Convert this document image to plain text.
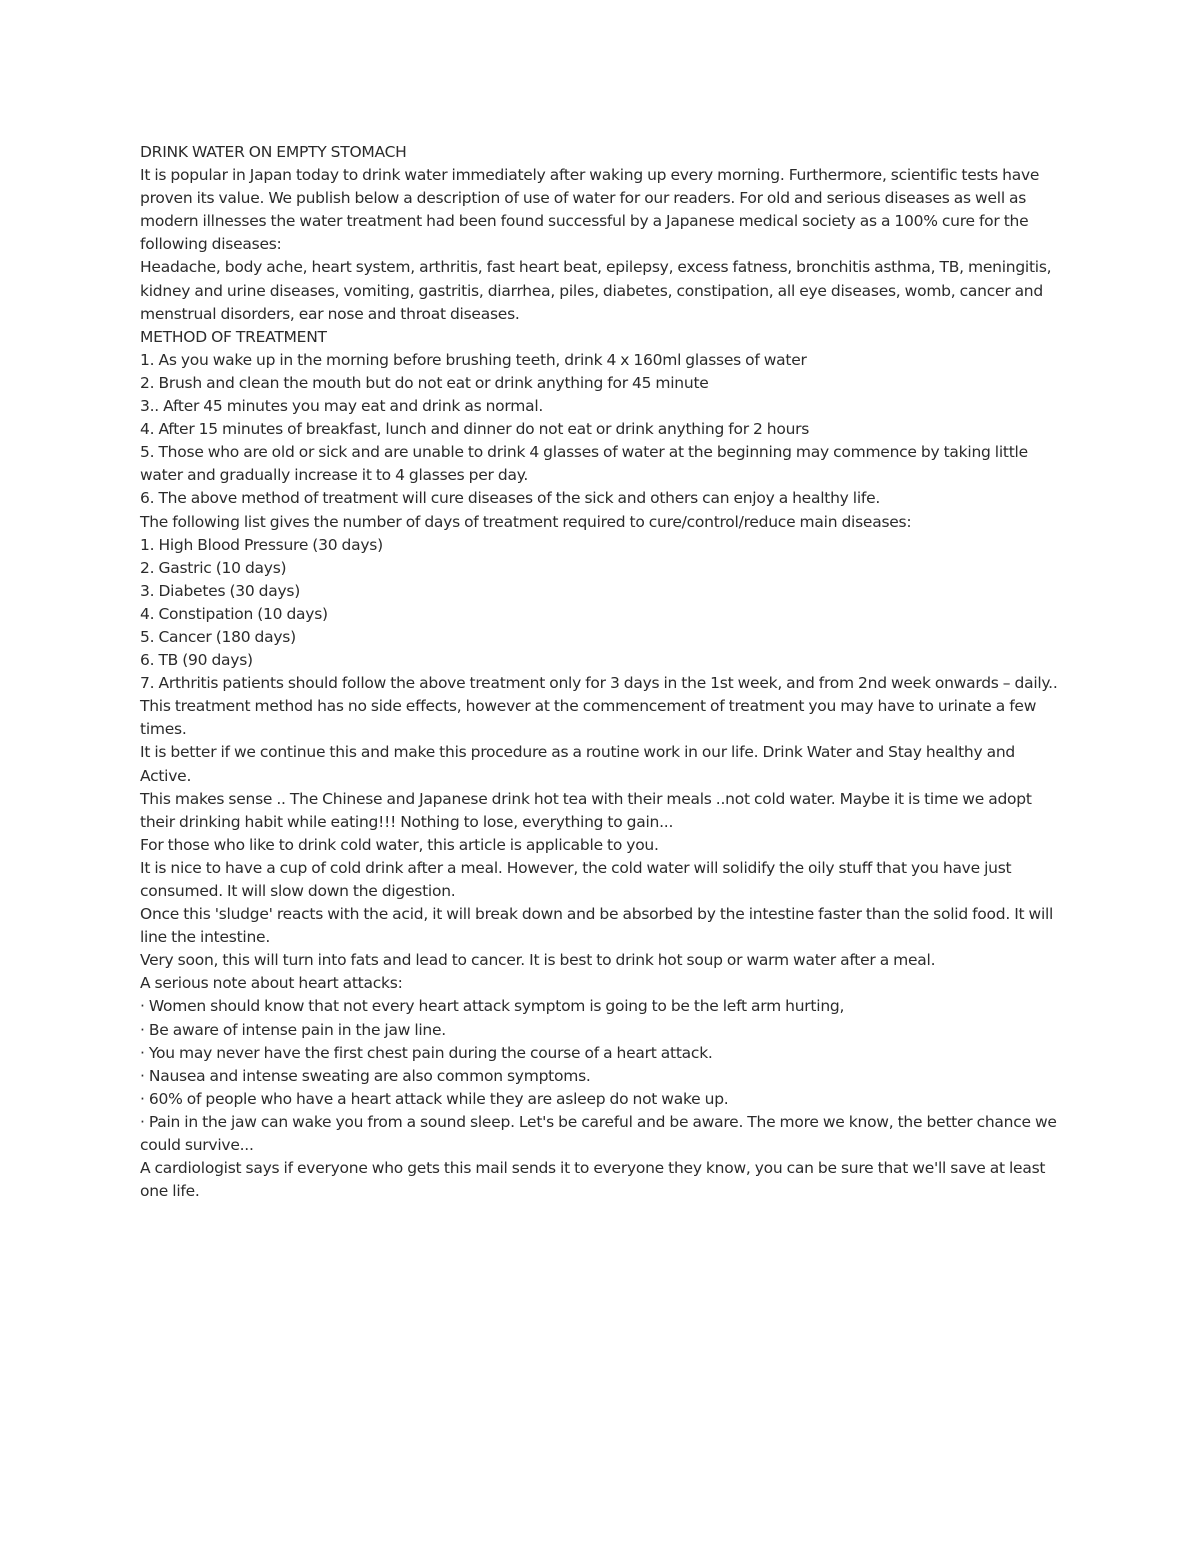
DRINK WATER ON EMPTY STOMACH

It is popular in Japan today to drink water immediately after waking up every morning. Furthermore, scientific tests have proven its value. We publish below a description of use of water for our readers. For old and serious diseases as well as modern illnesses the water treatment had been found successful by a Japanese medical society as a 100% cure for the following diseases:

Headache, body ache, heart system, arthritis, fast heart beat, epilepsy, excess fatness, bronchitis asthma, TB, meningitis, kidney and urine diseases, vomiting, gastritis, diarrhea, piles, diabetes, constipation, all eye diseases, womb, cancer and menstrual disorders, ear nose and throat diseases.

METHOD OF TREATMENT

1. As you wake up in the morning before brushing teeth, drink 4 x 160ml glasses of water

2. Brush and clean the mouth but do not eat or drink anything for 45 minute

3.. After 45 minutes you may eat and drink as normal.

4. After 15 minutes of breakfast, lunch and dinner do not eat or drink anything for 2 hours

5. Those who are old or sick and are unable to drink 4 glasses of water at the beginning may commence by taking little water and gradually increase it to 4 glasses per day.

6. The above method of treatment will cure diseases of the sick and others can enjoy a healthy life.

The following list gives the number of days of treatment required to cure/control/reduce main diseases:

1. High Blood Pressure (30 days)

2. Gastric (10 days)

3. Diabetes (30 days)

4. Constipation (10 days)

5. Cancer (180 days)

6. TB (90 days)

7. Arthritis patients should follow the above treatment only for 3 days in the 1st week, and from 2nd week onwards – daily..

This treatment method has no side effects, however at the commencement of treatment you may have to urinate a few times.

It is better if we continue this and make this procedure as a routine work in our life. Drink Water and Stay healthy and Active.

This makes sense .. The Chinese and Japanese drink hot tea with their meals ..not cold water. Maybe it is time we adopt their drinking habit while eating!!! Nothing to lose, everything to gain...

For those who like to drink cold water, this article is applicable to you.

It is nice to have a cup of cold drink after a meal. However, the cold water will solidify the oily stuff that you have just consumed. It will slow down the digestion.

Once this 'sludge' reacts with the acid, it will break down and be absorbed by the intestine faster than the solid food. It will line the intestine.

Very soon, this will turn into fats and lead to cancer. It is best to drink hot soup or warm water after a meal.

A serious note about heart attacks:

· Women should know that not every heart attack symptom is going to be the left arm hurting,

· Be aware of intense pain in the jaw line.

· You may never have the first chest pain during the course of a heart attack.

· Nausea and intense sweating are also common symptoms.

· 60% of people who have a heart attack while they are asleep do not wake up.

· Pain in the jaw can wake you from a sound sleep. Let's be careful and be aware. The more we know, the better chance we could survive...

A cardiologist says if everyone who gets this mail sends it to everyone they know, you can be sure that we'll save at least one life.
